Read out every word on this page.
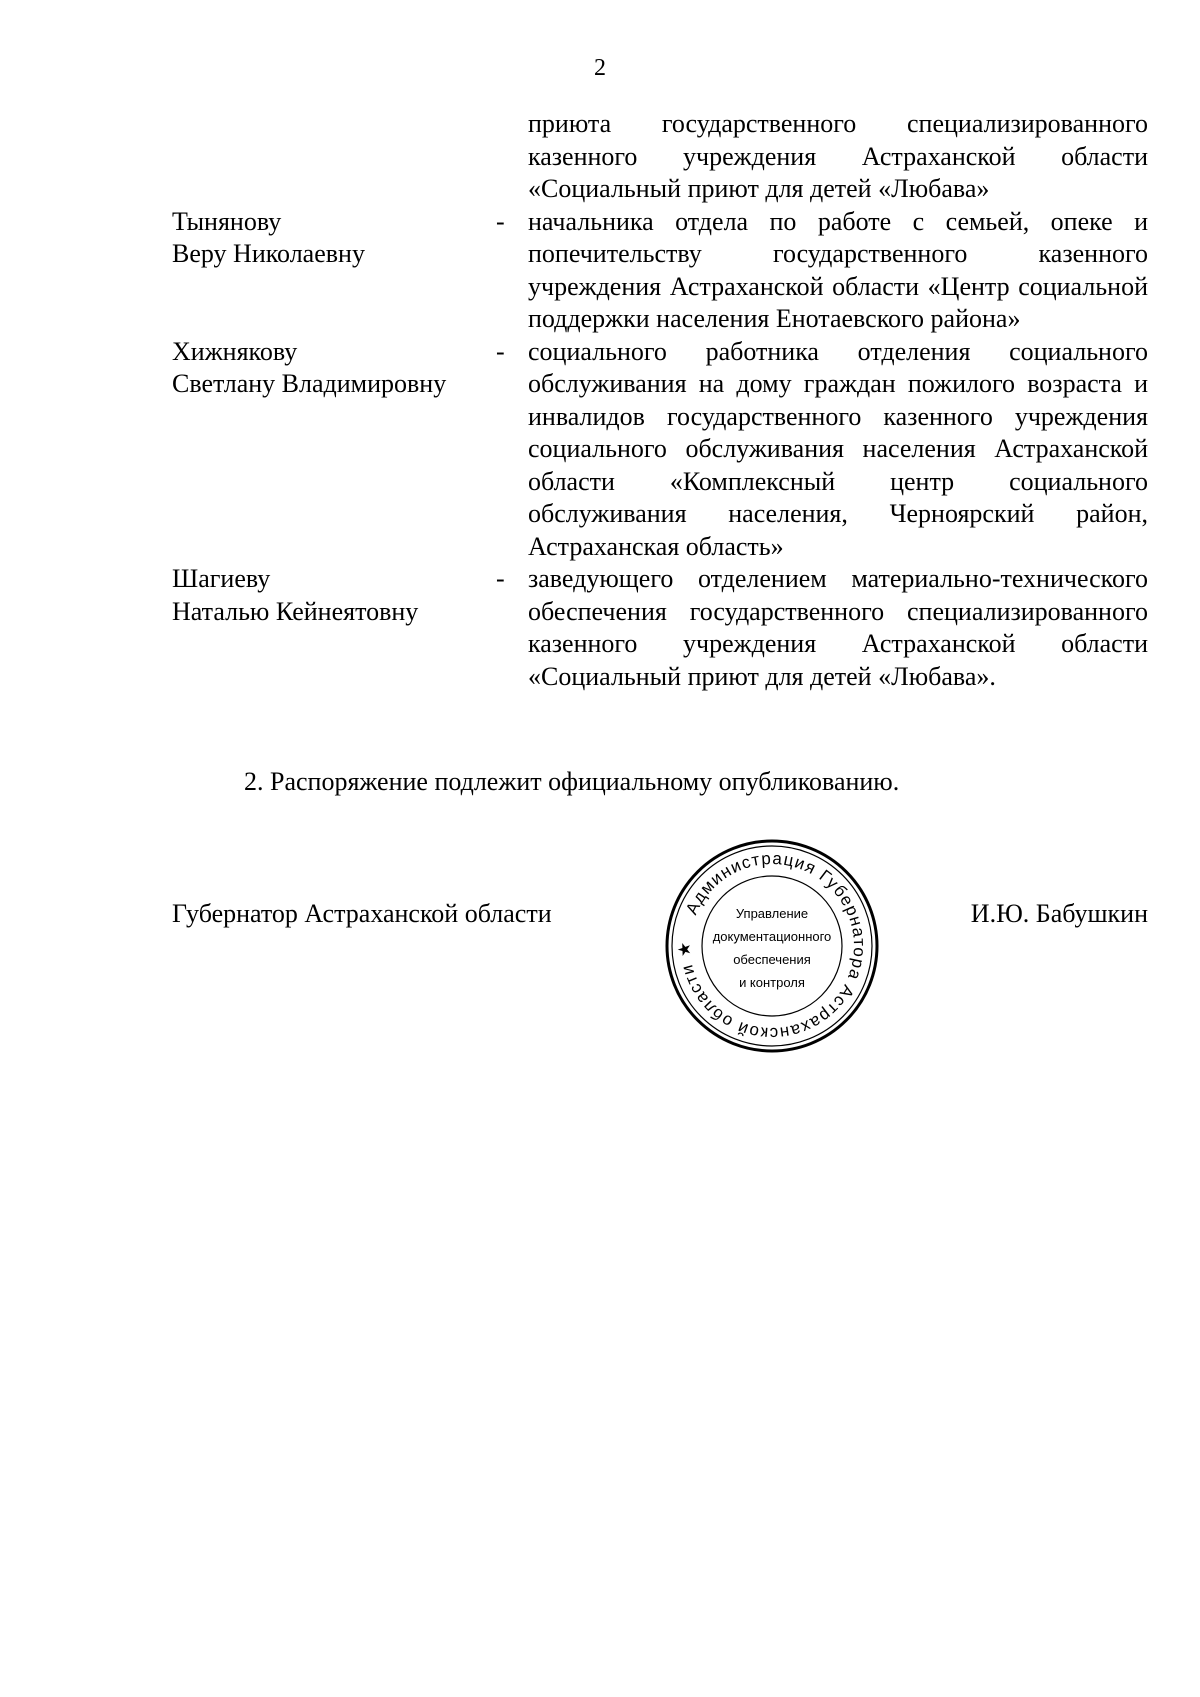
2
приюта государственного специализированного казенного учреждения Астраханской области «Социальный приют для детей «Любава»
Тынянову
Веру Николаевну
- начальника отдела по работе с семьей, опеке и попечительству государственного казенного учреждения Астраханской области «Центр социальной поддержки населения Енотаевского района»
Хижнякову
Светлану Владимировну
- социального работника отделения социального обслуживания на дому граждан пожилого возраста и инвалидов государственного казенного учреждения социального обслуживания населения Астраханской области «Комплексный центр социального обслуживания населения, Черноярский район, Астраханская область»
Шагиеву
Наталью Кейнеятовну
- заведующего отделением материально-технического обеспечения государственного специализированного казенного учреждения Астраханской области «Социальный приют для детей «Любава».
2. Распоряжение подлежит официальному опубликованию.
Губернатор Астраханской области	Администрация Губернатора Астраханской области ★
Управление
документационного
обеспечения
и контроля
И.Ю. Бабушкин
